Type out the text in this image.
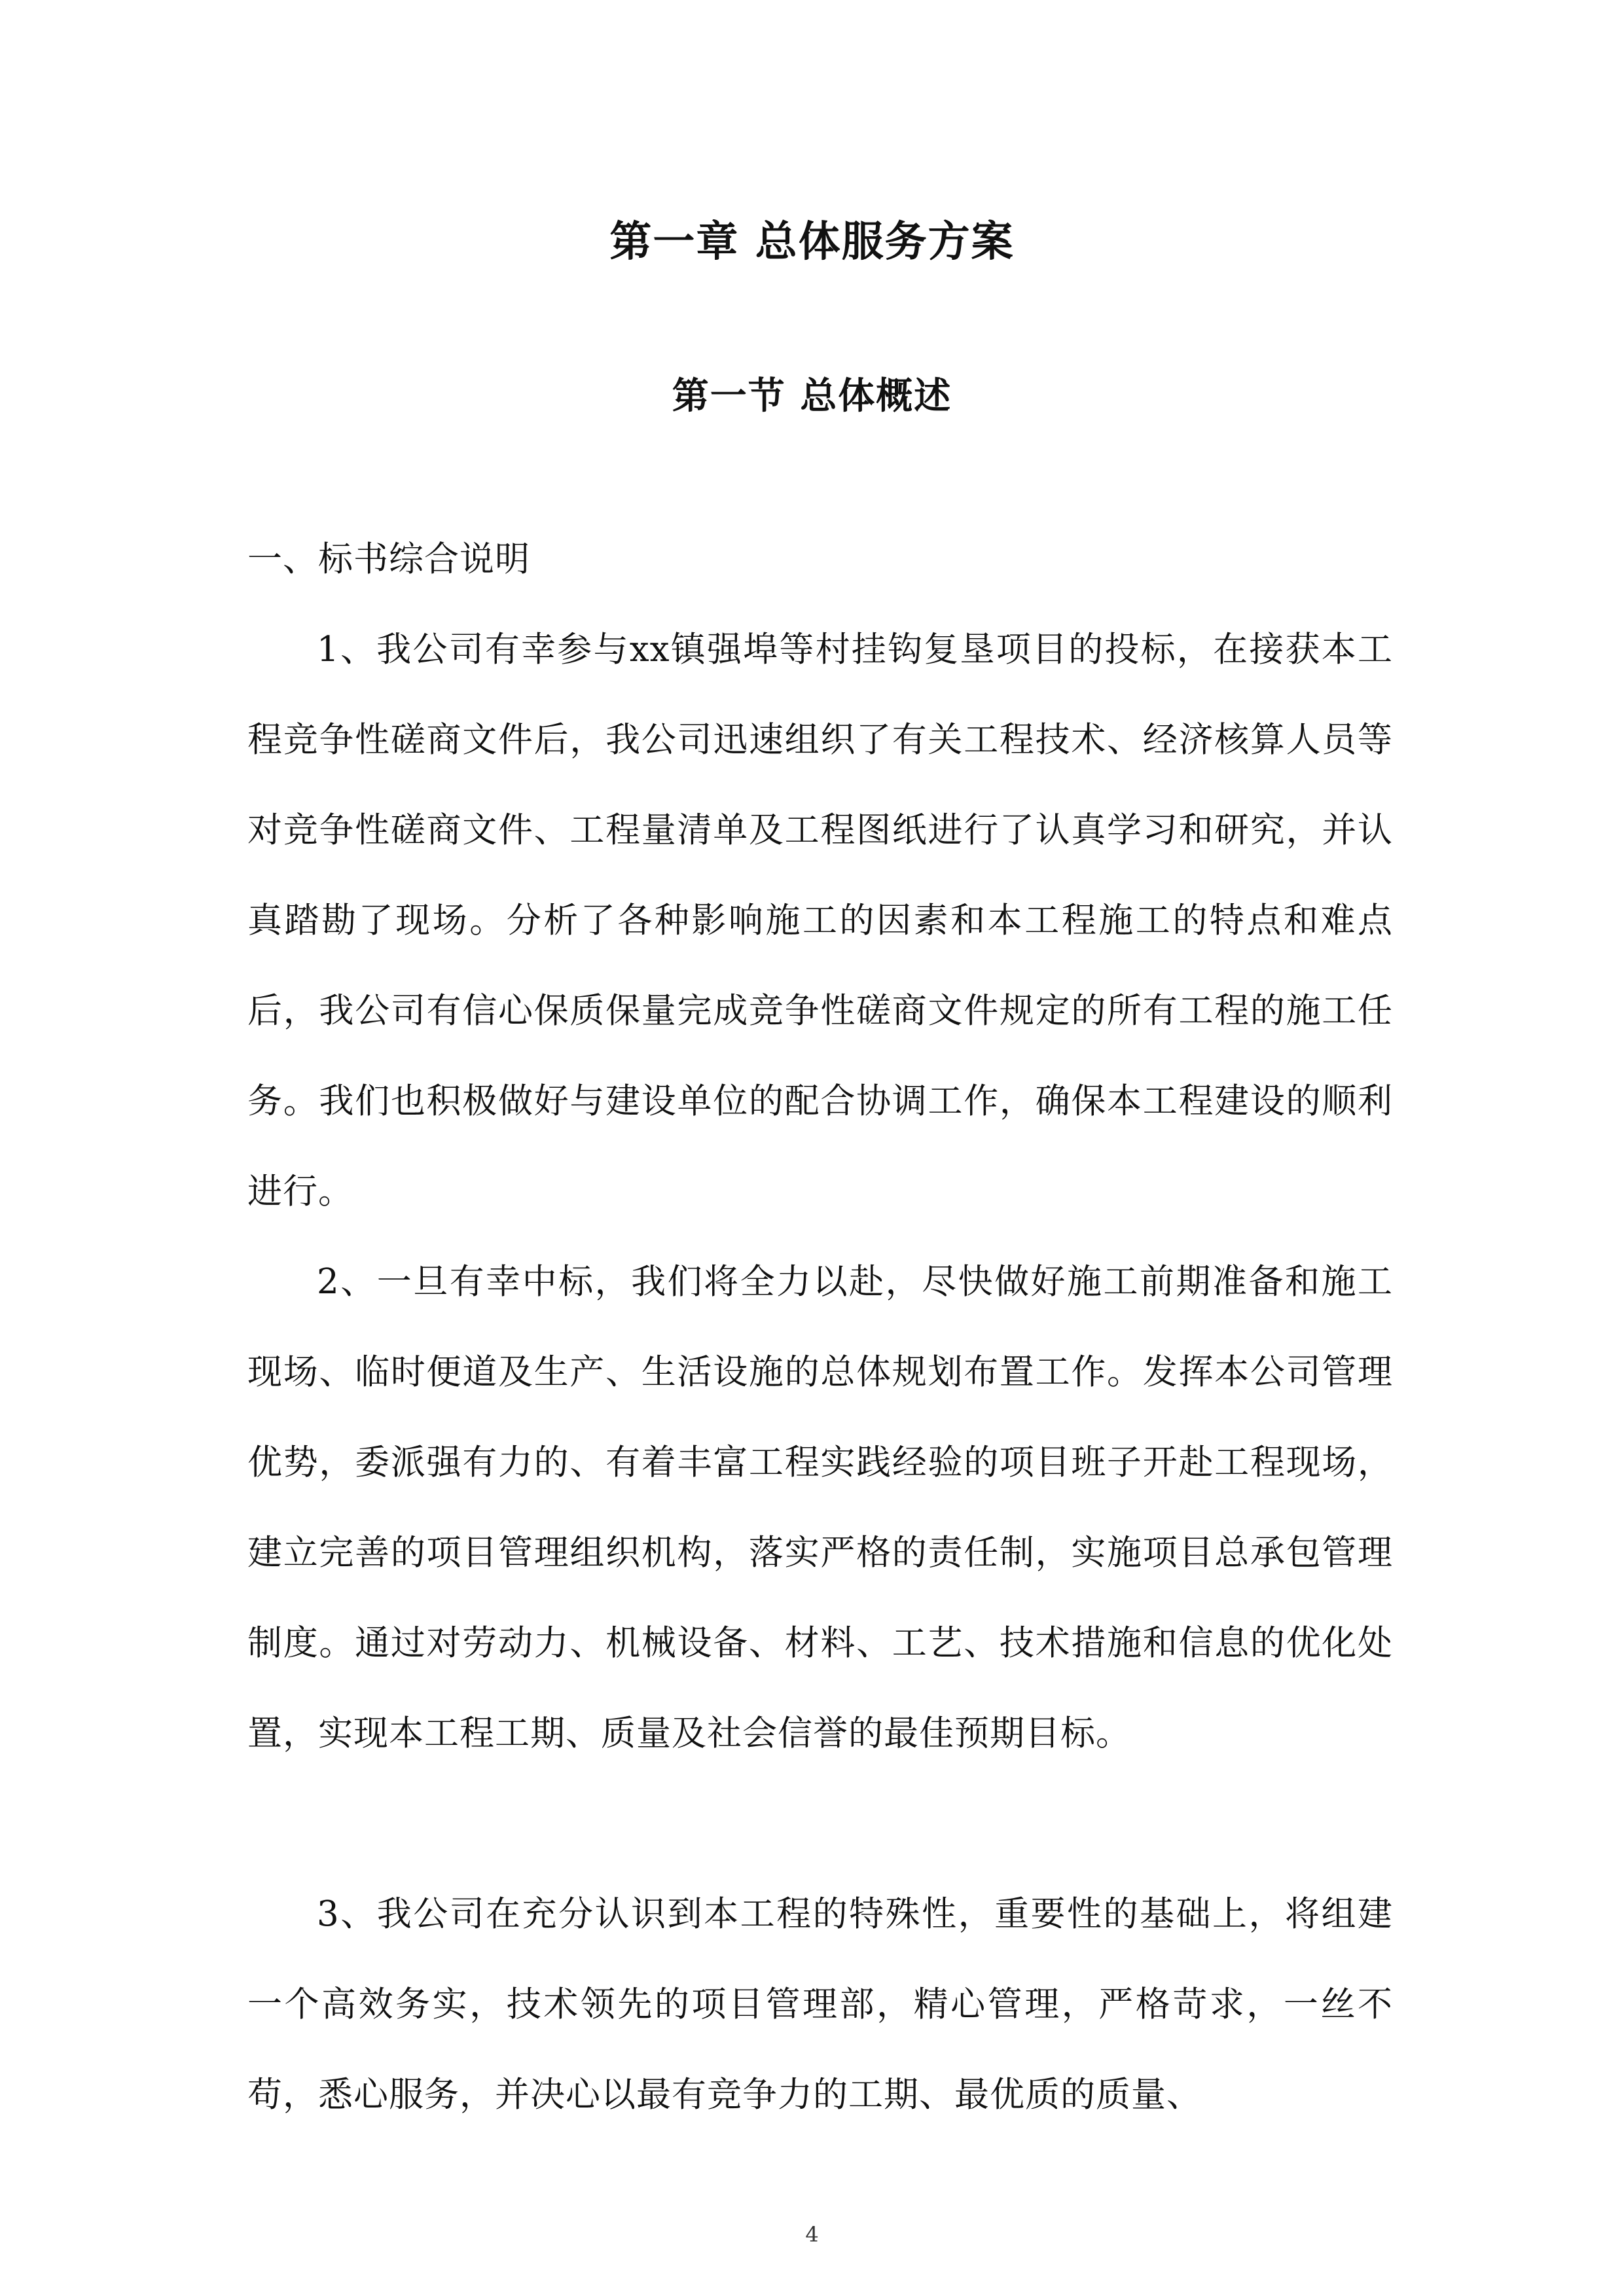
第一章 总体服务方案
第一节 总体概述
一、标书综合说明
1、我公司有幸参与xx镇强埠等村挂钩复垦项目的投标，在接获本工程竞争性磋商文件后，我公司迅速组织了有关工程技术、经济核算人员等对竞争性磋商文件、工程量清单及工程图纸进行了认真学习和研究，并认真踏勘了现场。分析了各种影响施工的因素和本工程施工的特点和难点后，我公司有信心保质保量完成竞争性磋商文件规定的所有工程的施工任务。我们也积极做好与建设单位的配合协调工作，确保本工程建设的顺利进行。
2、一旦有幸中标，我们将全力以赴，尽快做好施工前期准备和施工现场、临时便道及生产、生活设施的总体规划布置工作。发挥本公司管理优势，委派强有力的、有着丰富工程实践经验的项目班子开赴工程现场，建立完善的项目管理组织机构，落实严格的责任制，实施项目总承包管理制度。通过对劳动力、机械设备、材料、工艺、技术措施和信息的优化处置，实现本工程工期、质量及社会信誉的最佳预期目标。
3、我公司在充分认识到本工程的特殊性，重要性的基础上，将组建一个高效务实，技术领先的项目管理部，精心管理，严格苛求，一丝不苟，悉心服务，并决心以最有竞争力的工期、最优质的质量、
4
